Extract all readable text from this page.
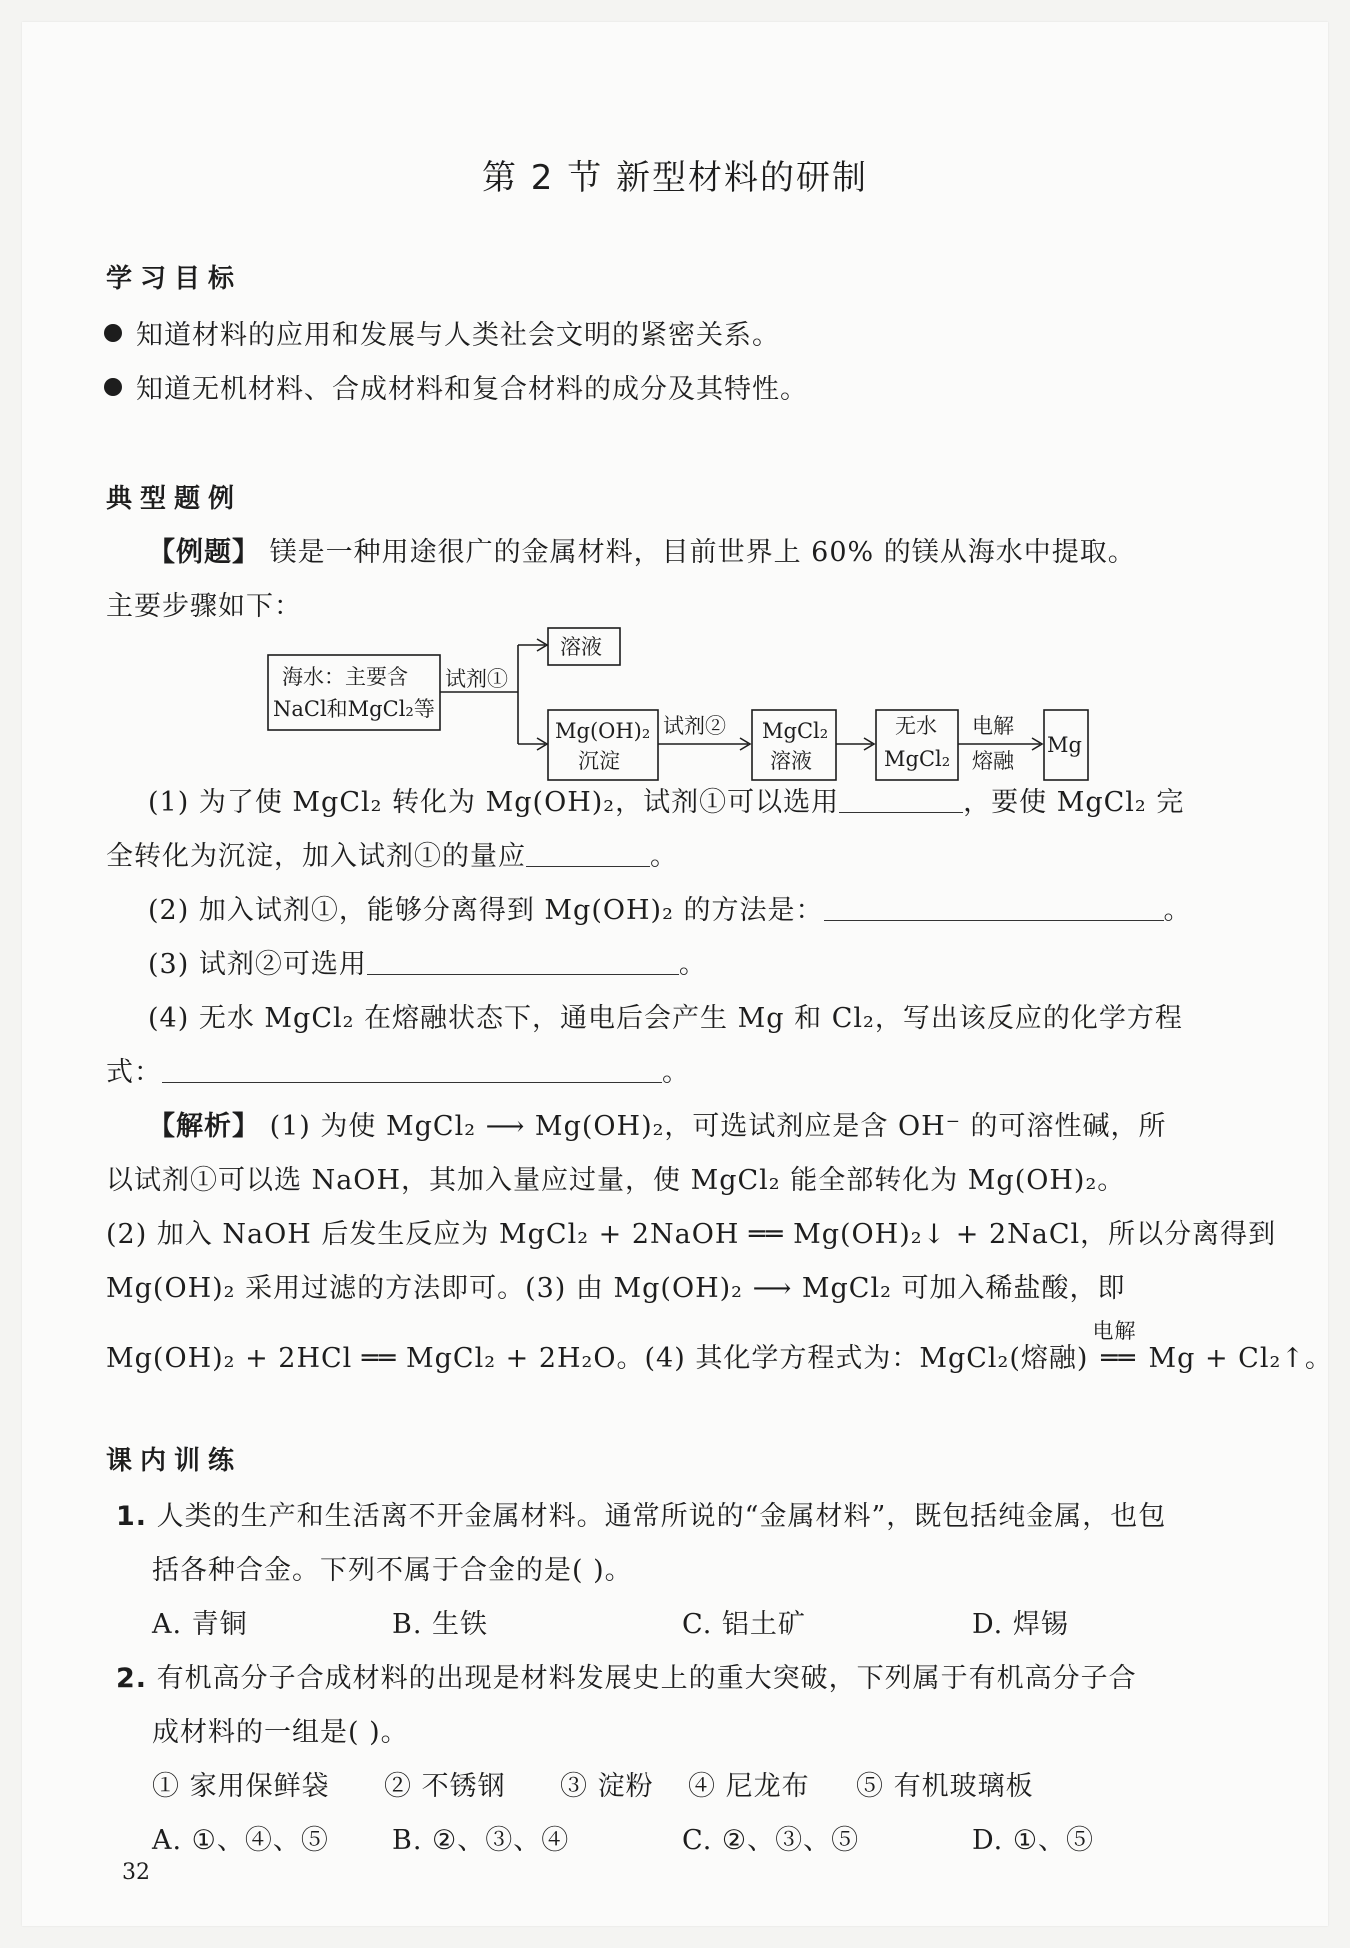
第 2 节 新型材料的研制
学习目标
知道材料的应用和发展与人类社会文明的紧密关系。
知道无机材料、合成材料和复合材料的成分及其特性。
典型题例
【例题】 镁是一种用途很广的金属材料，目前世界上 60% 的镁从海水中提取。
主要步骤如下：
海水：主要含
NaCl和MgCl₂等
试剂①
溶液
Mg(OH)₂
沉淀
试剂② MgCl₂
溶液
无水
MgCl₂
电解
熔融
Mg
(1) 为了使 MgCl₂ 转化为 Mg(OH)₂，试剂①可以选用	，要使 MgCl₂ 完
全转化为沉淀，加入试剂①的量应	。
(2) 加入试剂①，能够分离得到 Mg(OH)₂ 的方法是：	。
(3) 试剂②可选用	。
(4) 无水 MgCl₂ 在熔融状态下，通电后会产生 Mg 和 Cl₂，写出该反应的化学方程
式：	。
【解析】 (1) 为使 MgCl₂ ⟶ Mg(OH)₂，可选试剂应是含 OH⁻ 的可溶性碱，所
以试剂①可以选 NaOH，其加入量应过量，使 MgCl₂ 能全部转化为 Mg(OH)₂。
(2) 加入 NaOH 后发生反应为 MgCl₂ + 2NaOH ══ Mg(OH)₂↓ + 2NaCl，所以分离得到
Mg(OH)₂ 采用过滤的方法即可。(3) 由 Mg(OH)₂ ⟶ MgCl₂ 可加入稀盐酸，即
Mg(OH)₂ + 2HCl ══ MgCl₂ + 2H₂O。(4) 其化学方程式为：MgCl₂(熔融)
电解
══ Mg + Cl₂↑。
课内训练
1. 人类的生产和生活离不开金属材料。通常所说的“金属材料”，既包括纯金属，也包
括各种合金。下列不属于合金的是( )。
A. 青铜	B. 生铁	C. 铝土矿	D. 焊锡
2. 有机高分子合成材料的出现是材料发展史上的重大突破，下列属于有机高分子合
成材料的一组是( )。
① 家用保鲜袋 ② 不锈钢 ③ 淀粉 ④ 尼龙布 ⑤ 有机玻璃板
A. ①、④、⑤ B. ②、③、④	C. ②、③、⑤	D. ①、⑤
32
